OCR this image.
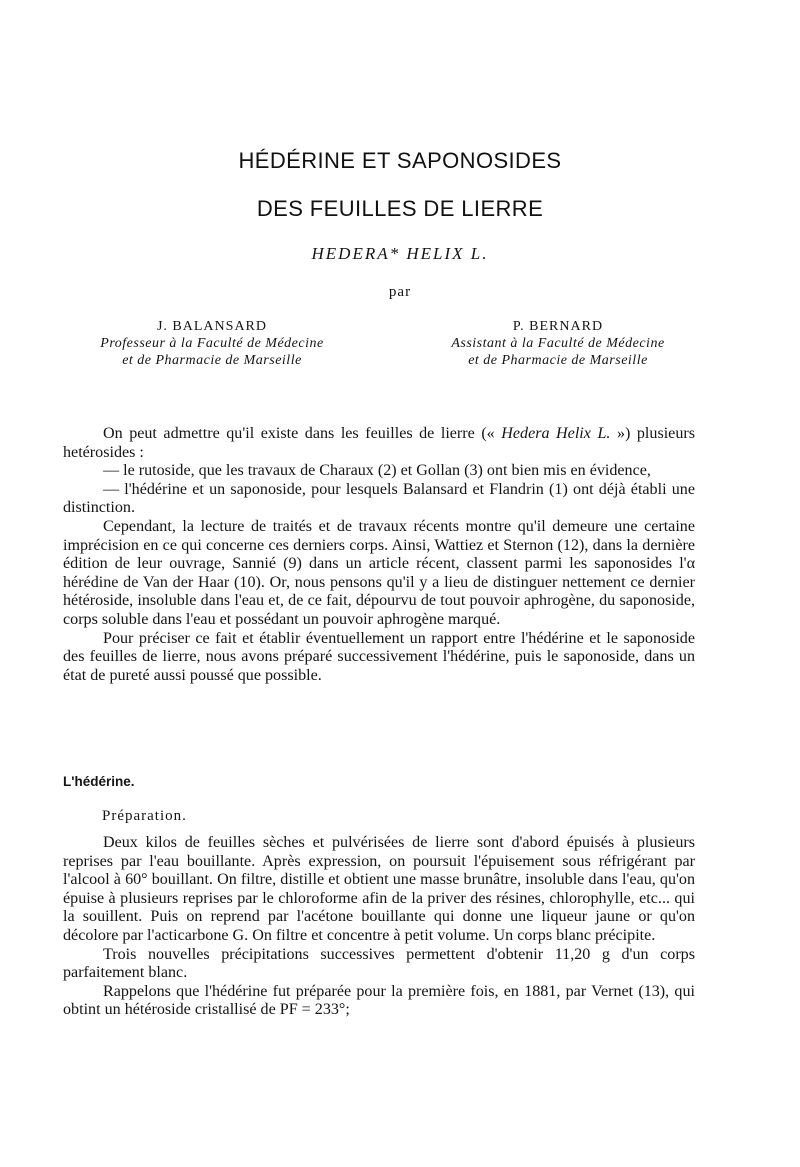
HÉDÉRINE ET SAPONOSIDES
DES FEUILLES DE LIERRE
HEDERA* HELIX L.
par
J. BALANSARD
Professeur à la Faculté de Médecine
et de Pharmacie de Marseille
P. BERNARD
Assistant à la Faculté de Médecine
et de Pharmacie de Marseille

On peut admettre qu'il existe dans les feuilles de lierre (« Hedera Helix L. ») plusieurs hetérosides :

— le rutoside, que les travaux de Charaux (2) et Gollan (3) ont bien mis en évidence,

— l'hédérine et un saponoside, pour lesquels Balansard et Flandrin (1) ont déjà établi une distinction.

Cependant, la lecture de traités et de travaux récents montre qu'il demeure une certaine imprécision en ce qui concerne ces derniers corps. Ainsi, Wattiez et Sternon (12), dans la dernière édition de leur ouvrage, Sannié (9) dans un article récent, classent parmi les saponosides l'α hérédine de Van der Haar (10). Or, nous pensons qu'il y a lieu de distinguer nettement ce dernier hétéroside, insoluble dans l'eau et, de ce fait, dépourvu de tout pouvoir aphrogène, du saponoside, corps soluble dans l'eau et possédant un pouvoir aphrogène marqué.

Pour préciser ce fait et établir éventuellement un rapport entre l'hédérine et le saponoside des feuilles de lierre, nous avons préparé successivement l'hédérine, puis le saponoside, dans un état de pureté aussi poussé que possible.

L'hédérine.
Préparation.

Deux kilos de feuilles sèches et pulvérisées de lierre sont d'abord épuisés à plusieurs reprises par l'eau bouillante. Après expression, on poursuit l'épuisement sous réfrigérant par l'alcool à 60° bouillant. On filtre, distille et obtient une masse brunâtre, insoluble dans l'eau, qu'on épuise à plusieurs reprises par le chloroforme afin de la priver des résines, chlorophylle, etc... qui la souillent. Puis on reprend par l'acétone bouillante qui donne une liqueur jaune or qu'on décolore par l'acticarbone G. On filtre et concentre à petit volume. Un corps blanc précipite.

Trois nouvelles précipitations successives permettent d'obtenir 11,20 g d'un corps parfaitement blanc.

Rappelons que l'hédérine fut préparée pour la première fois, en 1881, par Vernet (13), qui obtint un hétéroside cristallisé de PF = 233°;
